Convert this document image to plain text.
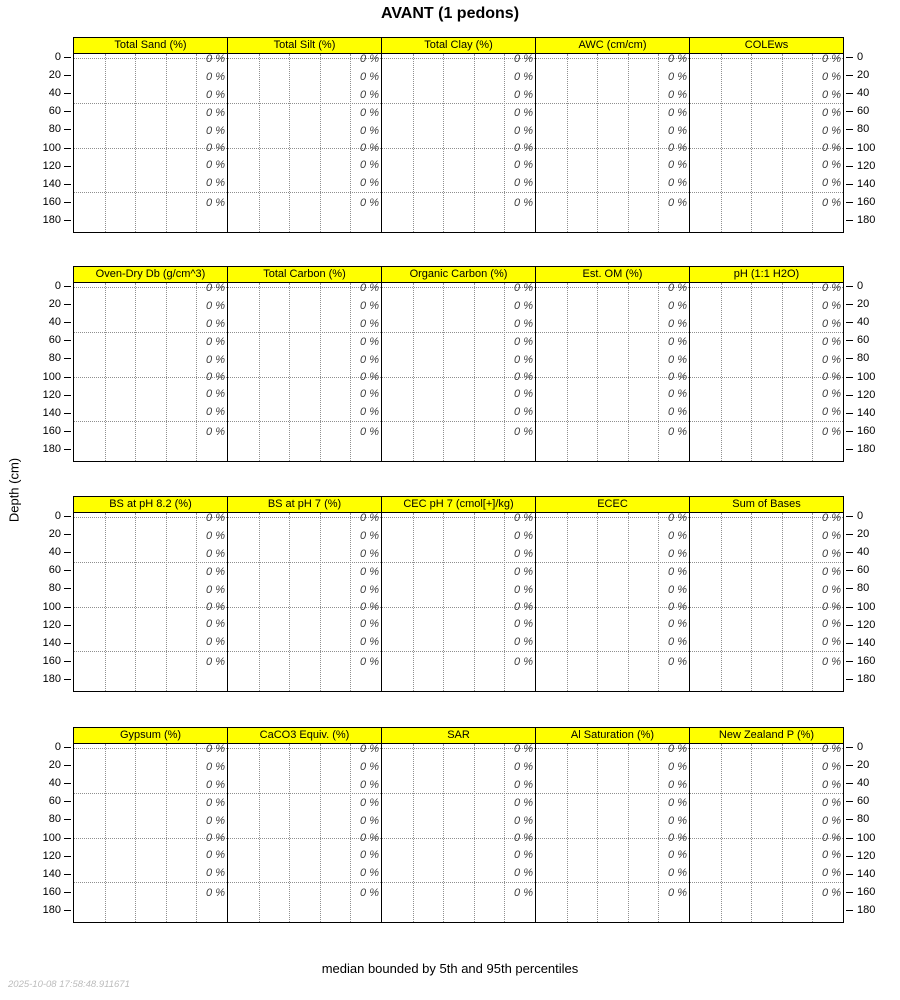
AVANT (1 pedons)
Depth (cm)
Total Sand (%)	Total Silt (%)	Total Clay (%)	AWC (cm/cm)	COLEws
0 %
0 %
0 %
0 %
0 %
0 %
0 %
0 %
0 %
0 %
0 %
0 %
0 %
0 %
0 %
0 %
0 %
0 %
0 %
0 %
0 %
0 %
0 %
0 %
0 %
0 %
0 %
0 %
0 %
0 %
0 %
0 %
0 %
0 %
0 %
0 %
0 %
0 %
0 %
0 %
0 %
0 %
0 %
0 %
0 %
0	0
20	20
40	40
60	60
80	80
100	100
120	120
140	140
160	160
180	180
Oven-Dry Db (g/cm^3)	Total Carbon (%)	Organic Carbon (%)	Est. OM (%)	pH (1:1 H2O)
0 %
0 %
0 %
0 %
0 %
0 %
0 %
0 %
0 %
0 %
0 %
0 %
0 %
0 %
0 %
0 %
0 %
0 %
0 %
0 %
0 %
0 %
0 %
0 %
0 %
0 %
0 %
0 %
0 %
0 %
0 %
0 %
0 %
0 %
0 %
0 %
0 %
0 %
0 %
0 %
0 %
0 %
0 %
0 %
0 %
0	0
20	20
40	40
60	60
80	80
100	100
120	120
140	140
160	160
180	180
BS at pH 8.2 (%)	BS at pH 7 (%)	CEC pH 7 (cmol[+]/kg)	ECEC	Sum of Bases
0 %
0 %
0 %
0 %
0 %
0 %
0 %
0 %
0 %
0 %
0 %
0 %
0 %
0 %
0 %
0 %
0 %
0 %
0 %
0 %
0 %
0 %
0 %
0 %
0 %
0 %
0 %
0 %
0 %
0 %
0 %
0 %
0 %
0 %
0 %
0 %
0 %
0 %
0 %
0 %
0 %
0 %
0 %
0 %
0 %
0	0
20	20
40	40
60	60
80	80
100	100
120	120
140	140
160	160
180	180
Gypsum (%)	CaCO3 Equiv. (%)	SAR	Al Saturation (%)	New Zealand P (%)
0 %
0 %
0 %
0 %
0 %
0 %
0 %
0 %
0 %
0 %
0 %
0 %
0 %
0 %
0 %
0 %
0 %
0 %
0 %
0 %
0 %
0 %
0 %
0 %
0 %
0 %
0 %
0 %
0 %
0 %
0 %
0 %
0 %
0 %
0 %
0 %
0 %
0 %
0 %
0 %
0 %
0 %
0 %
0 %
0 %
0	0
20	20
40	40
60	60
80	80
100	100
120	120
140	140
160	160
180	180
median bounded by 5th and 95th percentiles
2025-10-08 17:58:48.911671
